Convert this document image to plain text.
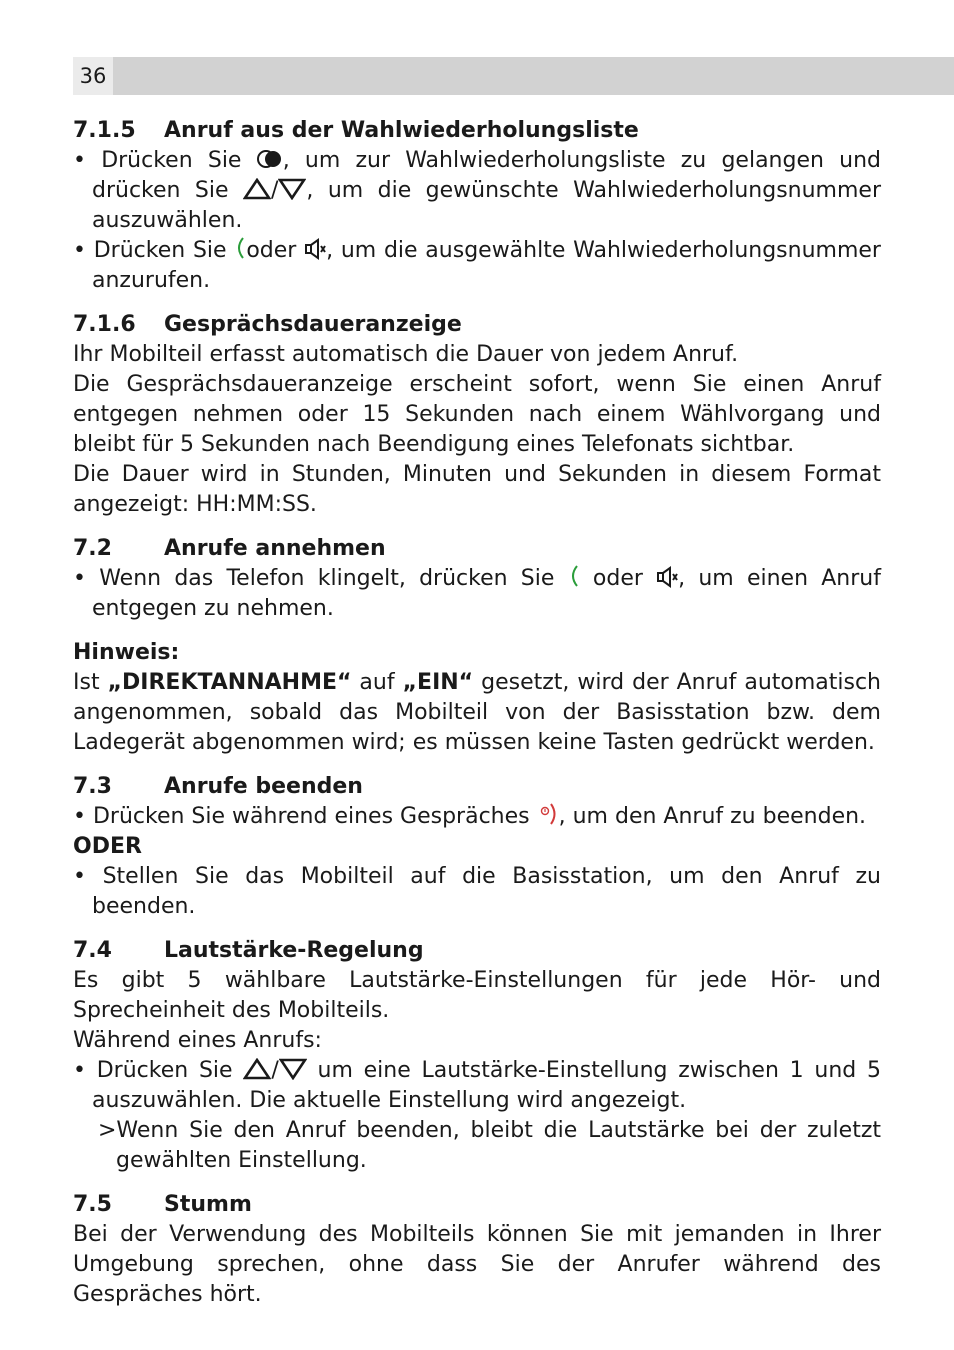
36
7.1.5	Anruf aus der Wahlwiederholungsliste

• Drücken Sie , um zur Wahlwiederholungsliste zu gelangen und drücken Sie / , um die gewünschte Wahlwiederholungsnummer auszuwählen.

• Drücken Sie oder , um die ausgewählte Wahlwiederholungsnummer anzurufen.

7.1.6	Gesprächsdaueranzeige

Ihr Mobilteil erfasst automatisch die Dauer von jedem Anruf.

Die Gesprächsdaueranzeige erscheint sofort, wenn Sie einen Anruf entgegen nehmen oder 15 Sekunden nach einem Wählvorgang und bleibt für 5 Sekunden nach Beendigung eines Telefonats sichtbar.

Die Dauer wird in Stunden, Minuten und Sekunden in diesem Format angezeigt: HH:MM:SS.

7.2	Anrufe annehmen

• Wenn das Telefon klingelt, drücken Sie oder , um einen Anruf entgegen zu nehmen.

Hinweis:

Ist „DIREKTANNAHME“ auf „EIN“ gesetzt, wird der Anruf automatisch angenommen, sobald das Mobilteil von der Basisstation bzw. dem Ladegerät abgenommen wird; es müssen keine Tasten gedrückt werden.

7.3	Anrufe beenden

• Drücken Sie während eines Gespräches , um den Anruf zu beenden.

ODER

• Stellen Sie das Mobilteil auf die Basisstation, um den Anruf zu beenden.

7.4	Lautstärke-Regelung

Es gibt 5 wählbare Lautstärke-Einstellungen für jede Hör- und Sprecheinheit des Mobilteils.

Während eines Anrufs:

• Drücken Sie / um eine Lautstärke-Einstellung zwischen 1 und 5 auszuwählen. Die aktuelle Einstellung wird angezeigt.

>Wenn Sie den Anruf beenden, bleibt die Lautstärke bei der zuletzt gewählten Einstellung.

7.5	Stumm

Bei der Verwendung des Mobilteils können Sie mit jemanden in Ihrer Umgebung sprechen, ohne dass Sie der Anrufer während des Gespräches hört.
